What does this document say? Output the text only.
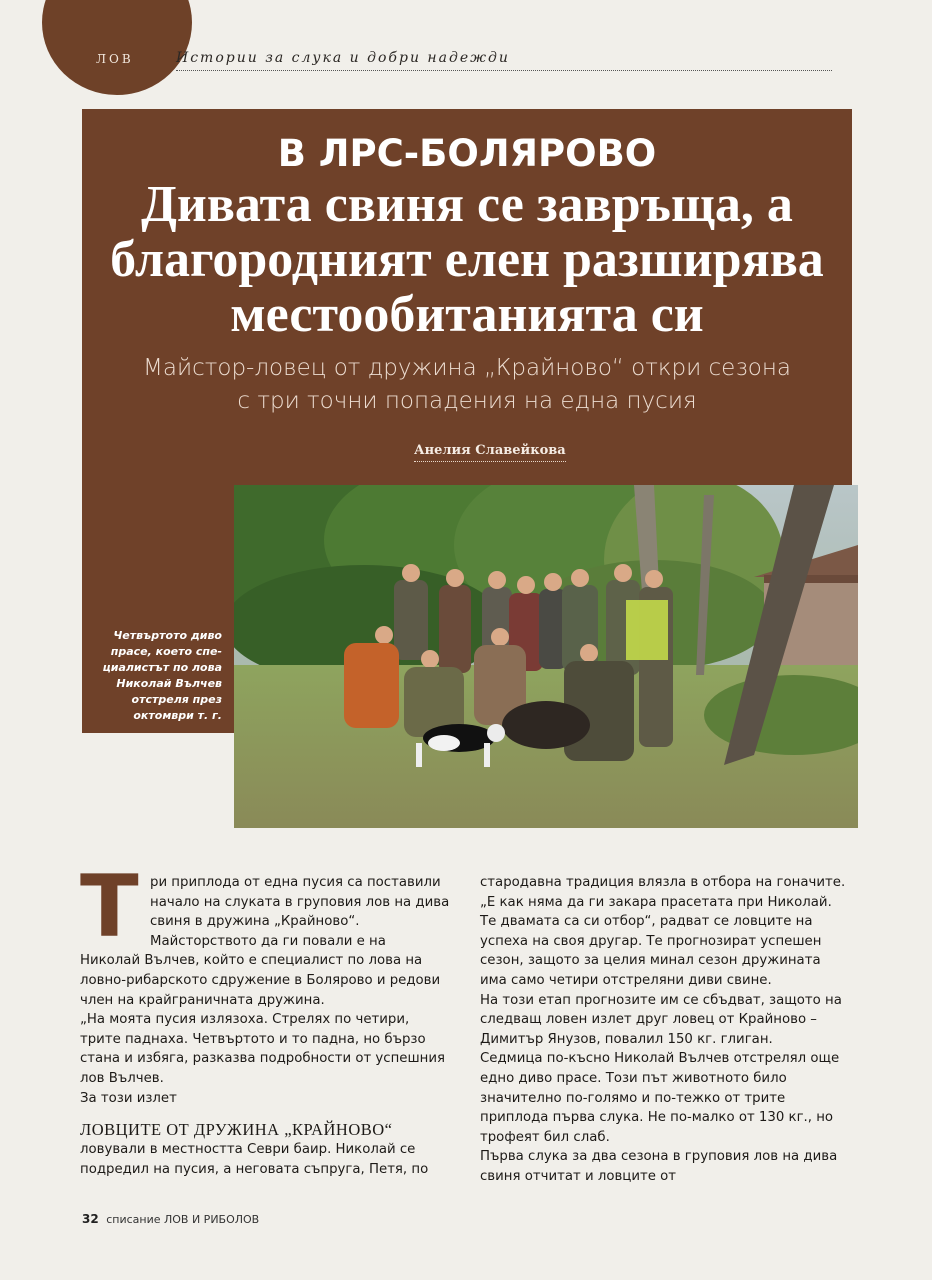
ЛОВ	Истории за слука и добри надежди
В ЛРС-БОЛЯРОВО
Дивата свиня се завръща, а
благородният елен разширява
местообитанията си
Майстор-ловец от дружина „Крайново“ откри сезона
с три точни попадения на една пусия
Анелия Славейкова
Четвъртото диво
прасе, което спе-
циалистът по лова
Николай Вълчев
отстреля през
октомври т. г.

Три приплода от една пусия са поставили начало на слуката в груповия лов на дива свиня в дружина „Крайново“. Майсторството да ги повали е на Николай Вълчев, който е специалист по лова на ловно-рибарското сдружение в Болярово и редови член на крайграничната дружина.

„На моята пусия излязоха. Стрелях по четири, трите паднаха. Четвъртото и то падна, но бързо стана и избяга, разказва подробности от успешния лов Вълчев.

За този излет

ЛОВЦИТЕ ОТ ДРУЖИНА „КРАЙНОВО“

ловували в местността Севри баир. Николай се подредил на пусия, а неговата съпруга, Петя, по

стародавна традиция влязла в отбора на гоначите.

„Е как няма да ги закара прасетата при Николай. Те двамата са си отбор“, радват се ловците на успеха на своя другар. Те прогнозират успешен сезон, защото за целия минал сезон дружината има само четири отстреляни диви свине.

На този етап прогнозите им се сбъдват, защото на следващ ловен излет друг ловец от Крайново – Димитър Янузов, повалил 150 кг. глиган.

Седмица по-късно Николай Вълчев отстрелял още едно диво прасе. Този път животното било значително по-голямо и по-тежко от трите приплода първа слука. Не по-малко от 130 кг., но трофеят бил слаб.

Първа слука за два сезона в груповия лов на дива свиня отчитат и ловците от

32 списание ЛОВ И РИБОЛОВ
